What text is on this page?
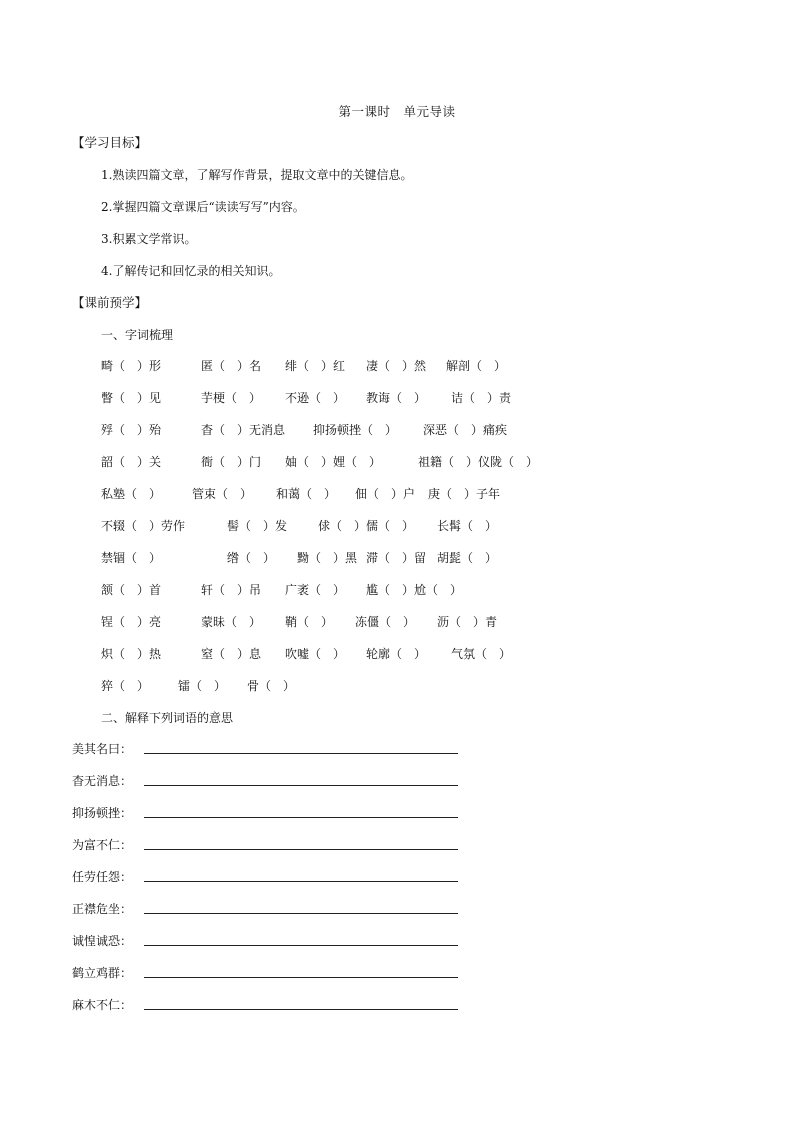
第一课时　单元导读
【学习目标】
1.熟读四篇文章，了解写作背景，提取文章中的关键信息。
2.掌握四篇文章课后“读读写写”内容。
3.积累文学常识。
4.了解传记和回忆录的相关知识。
【课前预学】
一、字词梳理
畸（　）形	匿（　）名 绯（　）红 凄（　）然 解剖（　）
瞥（　）见	芋梗（　） 不逊（　） 教诲（　） 诘（　）责
殍（　）殆	杳（　）无消息 抑扬顿挫（　） 深恶（　）痛疾
韶（　）关	衙（　）门 妯（　）娌（　）	祖籍（　）仪陇（　）
私塾（　）	管束（　） 和蔼（　） 佃（　）户 庚（　）子年
不辍（　）劳作	髻（　）发	俅（　）儒（　） 长髯（　）
禁锢（　）	绺（　） 黝（　）黑 滞（　）留 胡髭（　）
颔（　）首	轩（　）吊 广袤（　） 尴（　）尬（　）
锃（　）亮	蒙昧（　） 鞘（　） 冻僵（　） 沥（　）青
炽（　）热	窒（　）息 吹嘘（　） 轮廓（　） 气氛（　）
猝（　） 镭（　） 骨（　）
二、解释下列词语的意思
美其名曰：
杳无消息：
抑扬顿挫：
为富不仁：
任劳任怨：
正襟危坐：
诚惶诚恐：
鹤立鸡群：
麻木不仁：
